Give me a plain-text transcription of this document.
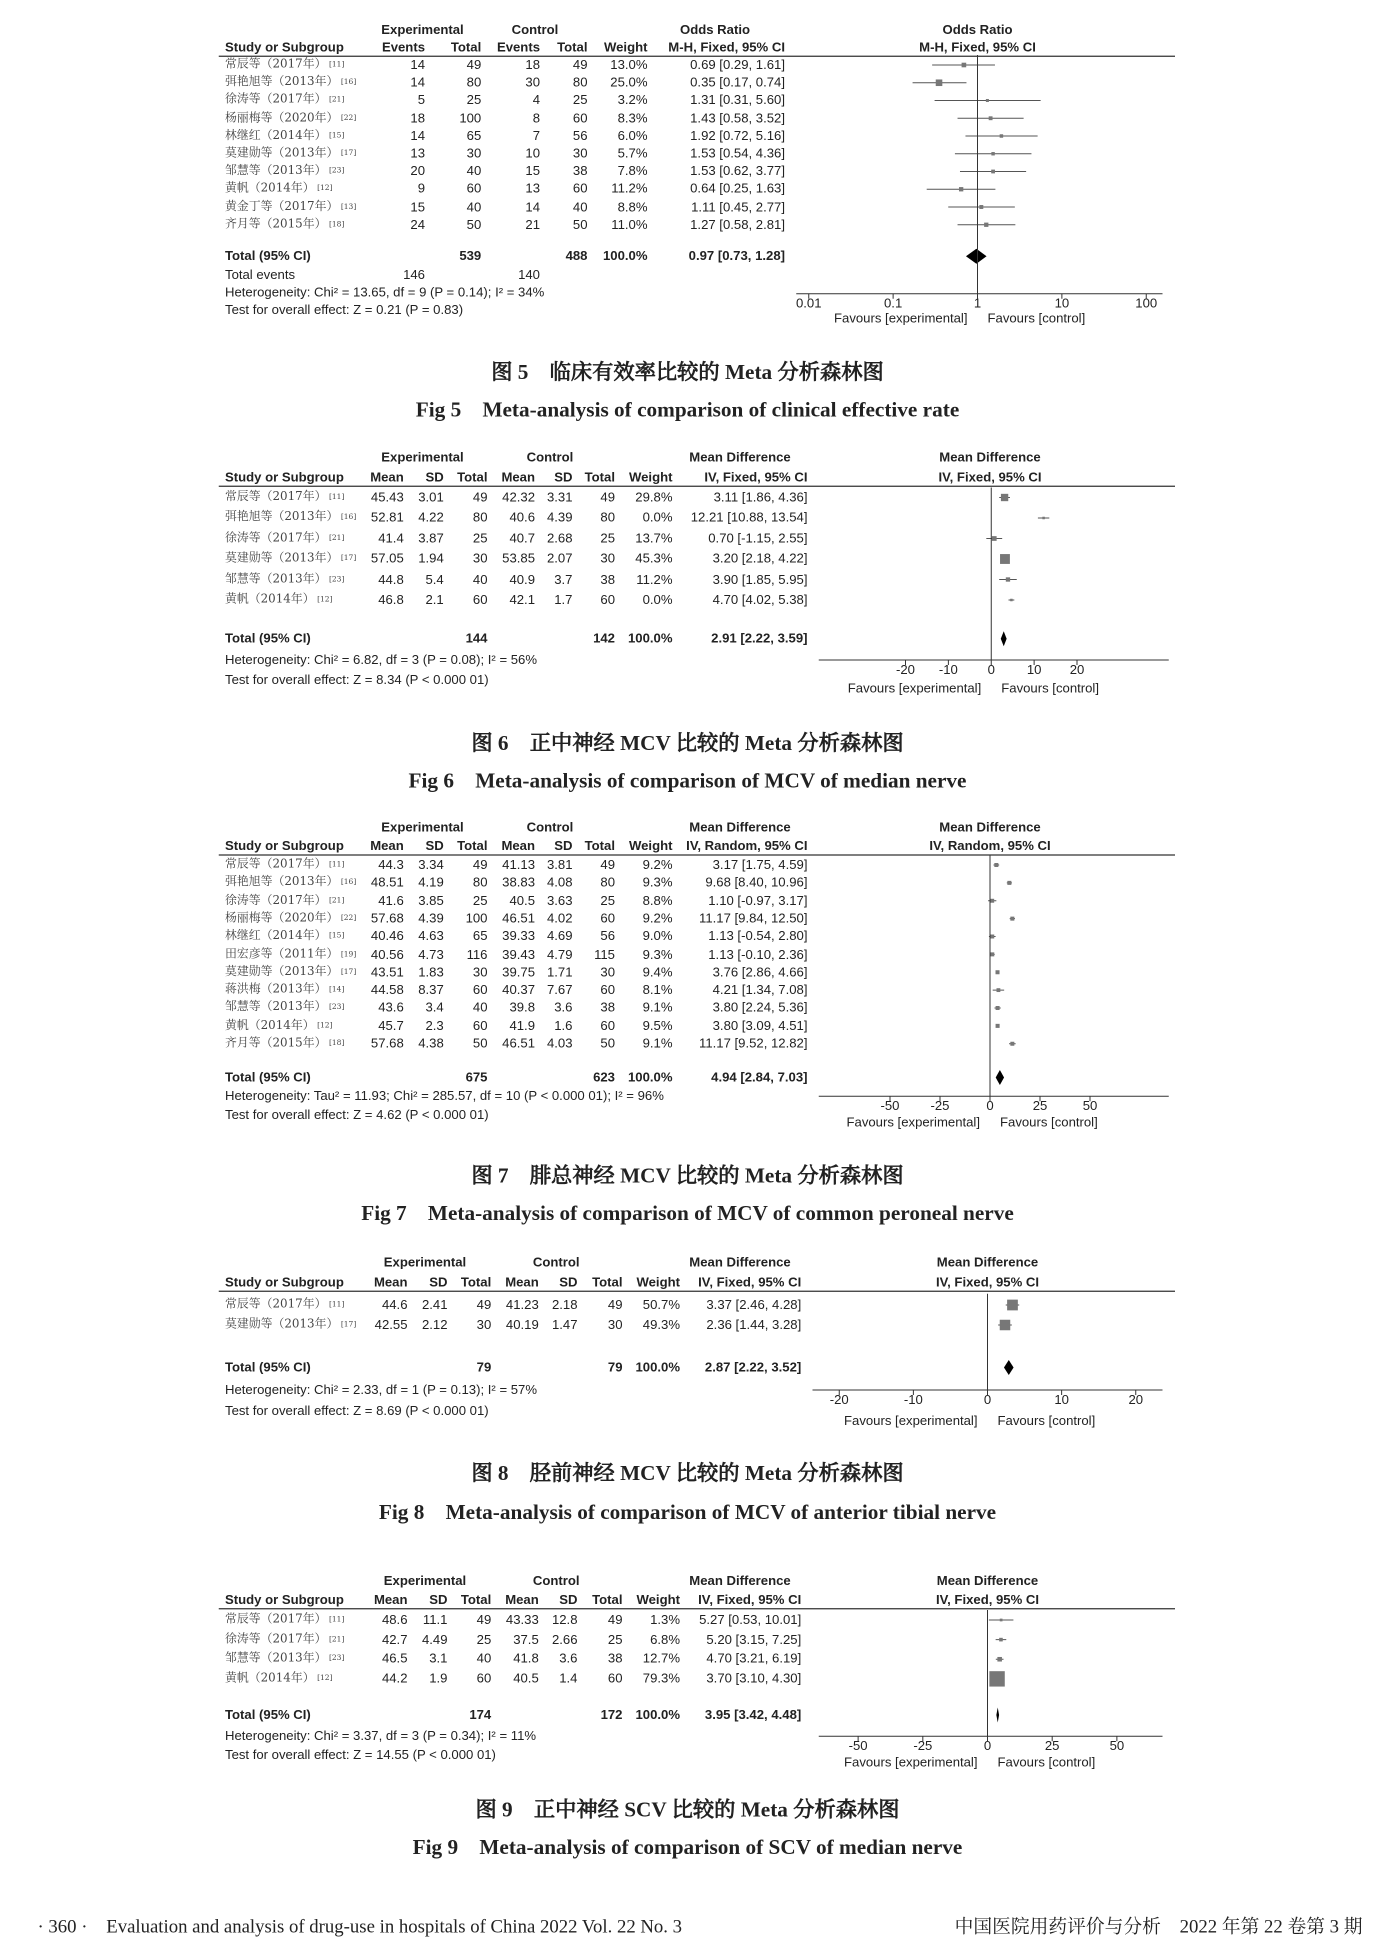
· 360 ·　Evaluation and analysis of drug-use in hospitals of China 2022 Vol. 22 No. 3	中国医院用药评价与分析　2022 年第 22 卷第 3 期
图 5　临床有效率比较的 Meta 分析森林图
Fig 5　Meta-analysis of comparison of clinical effective rate
Experimental	Control	Odds Ratio	Odds Ratio
Study or Subgroup	Events Total Events Total Weight M-H, Fixed, 95% CI	M-H, Fixed, 95% CI
常辰等（2017年） [11]	14	49	18	49 13.0%	0.69 [0.29, 1.61]
弭艳旭等（2013年） [16]	14	80	30	80 25.0%	0.35 [0.17, 0.74]
徐涛等（2017年） [21]	5	25	4	25	3.2%	1.31 [0.31, 5.60]
杨丽梅等（2020年） [22]	18	100	8	60	8.3%	1.43 [0.58, 3.52]
林继红（2014年） [15]	14	65	7	56	6.0%	1.92 [0.72, 5.16]
莫建勋等（2013年） [17]	13	30	10	30	5.7%	1.53 [0.54, 4.36]
邹慧等（2013年） [23]	20	40	15	38	7.8%	1.53 [0.62, 3.77]
黄帆（2014年） [12]	9	60	13	60 11.2%	0.64 [0.25, 1.63]
黄金丁等（2017年） [13]	15	40	14	40	8.8%	1.11 [0.45, 2.77]
齐月等（2015年） [18]	24	50	21	50 11.0%	1.27 [0.58, 2.81]
Total (95% CI)	539	488 100.0%	0.97 [0.73, 1.28]
Total events	146	140
Heterogeneity: Chi² = 13.65, df = 9 (P = 0.14); I² = 34%
Test for overall effect: Z = 0.21 (P = 0.83)	0.01	0.1	1	10	100
Favours [experimental] Favours [control]
图 6　正中神经 MCV 比较的 Meta 分析森林图
Fig 6　Meta-analysis of comparison of MCV of median nerve
Experimental	Control	Mean Difference	Mean Difference
Study or Subgroup	Mean SD Total Mean SD Total Weight	IV, Fixed, 95% CI	IV, Fixed, 95% CI
常辰等（2017年） [11]	45.43 3.01	49 42.32 3.31	49 29.8%	3.11 [1.86, 4.36]
弭艳旭等（2013年） [16] 52.81 4.22	80 40.6 4.39	80	0.0% 12.21 [10.88, 13.54]
徐涛等（2017年） [21]	41.4 3.87	25 40.7 2.68	25 13.7%	0.70 [-1.15, 2.55]
莫建勋等（2013年） [17] 57.05 1.94	30 53.85 2.07	30 45.3%	3.20 [2.18, 4.22]
邹慧等（2013年） [23]	44.8 5.4	40 40.9 3.7	38 11.2%	3.90 [1.85, 5.95]
黄帆（2014年） [12]	46.8 2.1	60 42.1 1.7	60	0.0%	4.70 [4.02, 5.38]
Total (95% CI)	144	142 100.0%	2.91 [2.22, 3.59]
Heterogeneity: Chi² = 6.82, df = 3 (P = 0.08); I² = 56%
Test for overall effect: Z = 8.34 (P < 0.000 01)
-20 -10	0	10	20
Favours [experimental] Favours [control]
图 7　腓总神经 MCV 比较的 Meta 分析森林图
Fig 7　Meta-analysis of comparison of MCV of common peroneal nerve
Experimental	Control	Mean Difference	Mean Difference
Study or Subgroup	Mean SD Total Mean SD Total Weight IV, Random, 95% CI	IV, Random, 95% CI
常辰等（2017年） [11]	44.3 3.34	49 41.13 3.81	49	9.2%	3.17 [1.75, 4.59]
弭艳旭等（2013年） [16] 48.51 4.19	80 38.83 4.08	80	9.3%	9.68 [8.40, 10.96]
徐涛等（2017年） [21]	41.6 3.85	25 40.5 3.63	25	8.8%	1.10 [-0.97, 3.17]
杨丽梅等（2020年） [22] 57.68 4.39 100 46.51 4.02	60	9.2%	11.17 [9.84, 12.50]
林继红（2014年） [15]	40.46 4.63	65 39.33 4.69	56	9.0%	1.13 [-0.54, 2.80]
田宏彦等（2011年） [19] 40.56 4.73 116 39.43 4.79 115	9.3%	1.13 [-0.10, 2.36]
莫建勋等（2013年） [17] 43.51 1.83	30 39.75 1.71	30	9.4%	3.76 [2.86, 4.66]
蒋洪梅（2013年） [14]	44.58 8.37	60 40.37 7.67	60	8.1%	4.21 [1.34, 7.08]
邹慧等（2013年） [23]	43.6 3.4	40 39.8 3.6	38	9.1%	3.80 [2.24, 5.36]
黄帆（2014年） [12]	45.7 2.3	60 41.9 1.6	60	9.5%	3.80 [3.09, 4.51]
齐月等（2015年） [18]	57.68 4.38	50 46.51 4.03	50	9.1%	11.17 [9.52, 12.82]
Total (95% CI)	675	623 100.0%	4.94 [2.84, 7.03]
Heterogeneity: Tau² = 11.93; Chi² = 285.57, df = 10 (P < 0.000 01); I² = 96%
Test for overall effect: Z = 4.62 (P < 0.000 01)
-50	-25	0	25	50
Favours [experimental] Favours [control]
图 8　胫前神经 MCV 比较的 Meta 分析森林图
Fig 8　Meta-analysis of comparison of MCV of anterior tibial nerve
Experimental	Control	Mean Difference	Mean Difference
Study or Subgroup	Mean SD Total Mean SD Total Weight IV, Fixed, 95% CI	IV, Fixed, 95% CI
常辰等（2017年） [11]	44.6 2.41	49 41.23 2.18	49 50.7%	3.37 [2.46, 4.28]
莫建勋等（2013年） [17] 42.55 2.12	30 40.19 1.47	30 49.3%	2.36 [1.44, 3.28]
Total (95% CI)	79	79 100.0% 2.87 [2.22, 3.52]
Heterogeneity: Chi² = 2.33, df = 1 (P = 0.13); I² = 57%
Test for overall effect: Z = 8.69 (P < 0.000 01)
-20	-10	0	10	20
Favours [experimental] Favours [control]
图 9　正中神经 SCV 比较的 Meta 分析森林图
Fig 9　Meta-analysis of comparison of SCV of median nerve
Experimental	Control	Mean Difference	Mean Difference
Study or Subgroup	Mean SD Total Mean SD Total Weight IV, Fixed, 95% CI	IV, Fixed, 95% CI
常辰等（2017年） [11]	48.6 11.1	49 43.33 12.8	49	1.3% 5.27 [0.53, 10.01]
徐涛等（2017年） [21]	42.7 4.49	25 37.5 2.66	25	6.8%	5.20 [3.15, 7.25]
邹慧等（2013年） [23]	46.5 3.1	40 41.8 3.6	38 12.7%	4.70 [3.21, 6.19]
黄帆（2014年） [12]	44.2 1.9	60 40.5 1.4	60 79.3%	3.70 [3.10, 4.30]
Total (95% CI)	174	172 100.0% 3.95 [3.42, 4.48]
Heterogeneity: Chi² = 3.37, df = 3 (P = 0.34); I² = 11%
Test for overall effect: Z = 14.55 (P < 0.000 01)
-50	-25	0	25	50
Favours [experimental] Favours [control]
